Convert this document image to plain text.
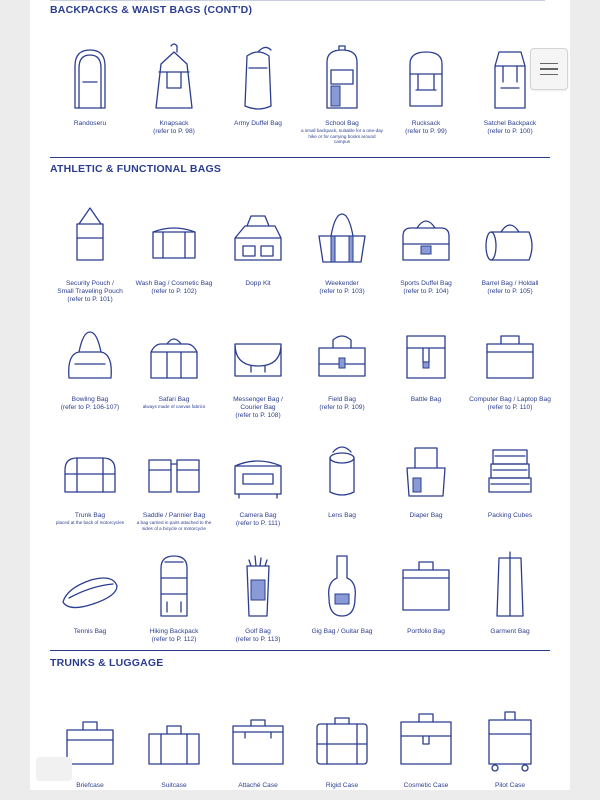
BACKPACKS & WAIST BAGS (CONT'D)
Randoseru	Knapsack
(refer to P. 98)
Army Duffel Bag	School Bag
a small backpack, suitable for a one-day hike or for carrying books around campus
Rucksack
(refer to P. 99)
Satchel Backpack
(refer to P. 100)
ATHLETIC & FUNCTIONAL BAGS
Security Pouch /
Small Traveling Pouch
(refer to P. 101)
Wash Bag / Cosmetic Bag
(refer to P. 102)
Dopp Kit	Weekender
(refer to P. 103)
Sports Duffel Bag
(refer to P. 104)
Barrel Bag / Holdall
(refer to P. 105)
Bowling Bag
(refer to P. 106-107)
Safari Bag
always made of canvas fabrics
Messenger Bag /
Courier Bag
(refer to P. 108)
Field Bag
(refer to P. 109)
Battle Bag	Computer Bag / Laptop Bag
(refer to P. 110)
Trunk Bag
placed at the back of motorcycles
Saddle / Pannier Bag
a bag carried in pairs attached to the sides of a bicycle or motorcycle
Camera Bag
(refer to P. 111)
Lens Bag	Diaper Bag	Packing Cubes
Tennis Bag	Hiking Backpack
(refer to P. 112)
Golf Bag
(refer to P. 113)
Gig Bag / Guitar Bag	Portfolio Bag	Garment Bag
TRUNKS & LUGGAGE
Briefcase	Suitcase	Attaché Case	Rigid Case	Cosmetic Case	Pilot Case
